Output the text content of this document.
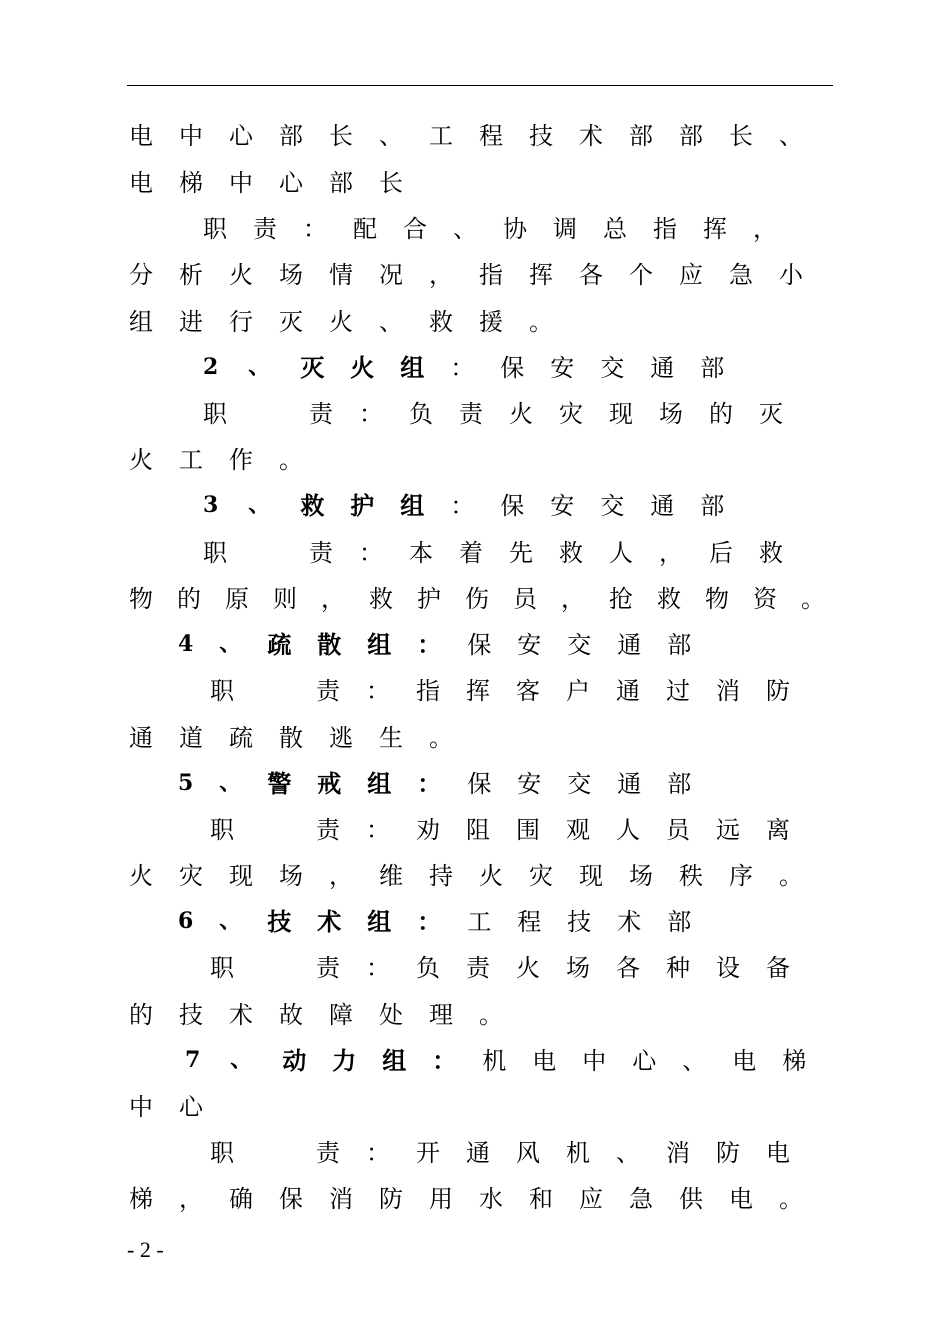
电中心部长、工程技术部部长、
电梯中心部长
职责：配合、协调总指挥，
分析火场情况，指挥各个应急小
组进行灭火、救援。
2、 灭火组 ：保安交通部
职 责：负责火灾现场的灭
火工作。
3、 救护组 ：保安交通部
职 责：本着先救人，后救
物的原则，救护伤员，抢救物资。
4、 疏散组： 保安交通部
职 责：指挥客户通过消防
通道疏散逃生。
5、 警戒组： 保安交通部
职 责：劝阻围观人员远离
火灾现场，维持火灾现场秩序。
6、 技术组： 工程技术部
职 责：负责火场各种设备
的技术故障处理。
7、 动力组： 机电中心、电梯
中心
职 责：开通风机、消防电
梯，确保消防用水和应急供电。
- 2 -
